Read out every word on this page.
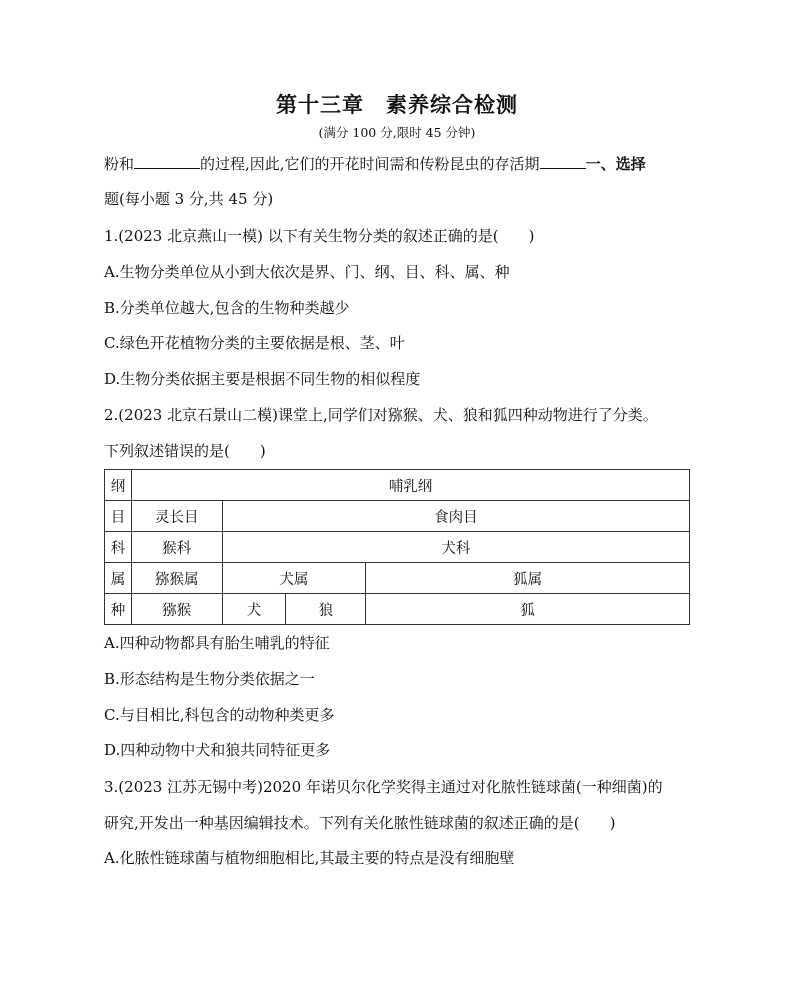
第十三章　素养综合检测
(满分 100 分,限时 45 分钟)
粉和	的过程,因此,它们的开花时间需和传粉昆虫的存活期	一、选择
题(每小题 3 分,共 45 分)
1.(2023 北京燕山一模) 以下有关生物分类的叙述正确的是(　　)
A.生物分类单位从小到大依次是界、门、纲、目、科、属、种
B.分类单位越大,包含的生物种类越少
C.绿色开花植物分类的主要依据是根、茎、叶
D.生物分类依据主要是根据不同生物的相似程度
2.(2023 北京石景山二模)课堂上,同学们对猕猴、犬、狼和狐四种动物进行了分类。
下列叙述错误的是(　　)
纲	哺乳纲			
目	灵长目	食肉目		
科	猴科	犬科		
属	猕猴属	犬属		狐属
种	猕猴	犬	狼	狐
A.四种动物都具有胎生哺乳的特征
B.形态结构是生物分类依据之一
C.与目相比,科包含的动物种类更多
D.四种动物中犬和狼共同特征更多
3.(2023 江苏无锡中考)2020 年诺贝尔化学奖得主通过对化脓性链球菌(一种细菌)的
研究,开发出一种基因编辑技术。下列有关化脓性链球菌的叙述正确的是(　　)
A.化脓性链球菌与植物细胞相比,其最主要的特点是没有细胞壁
